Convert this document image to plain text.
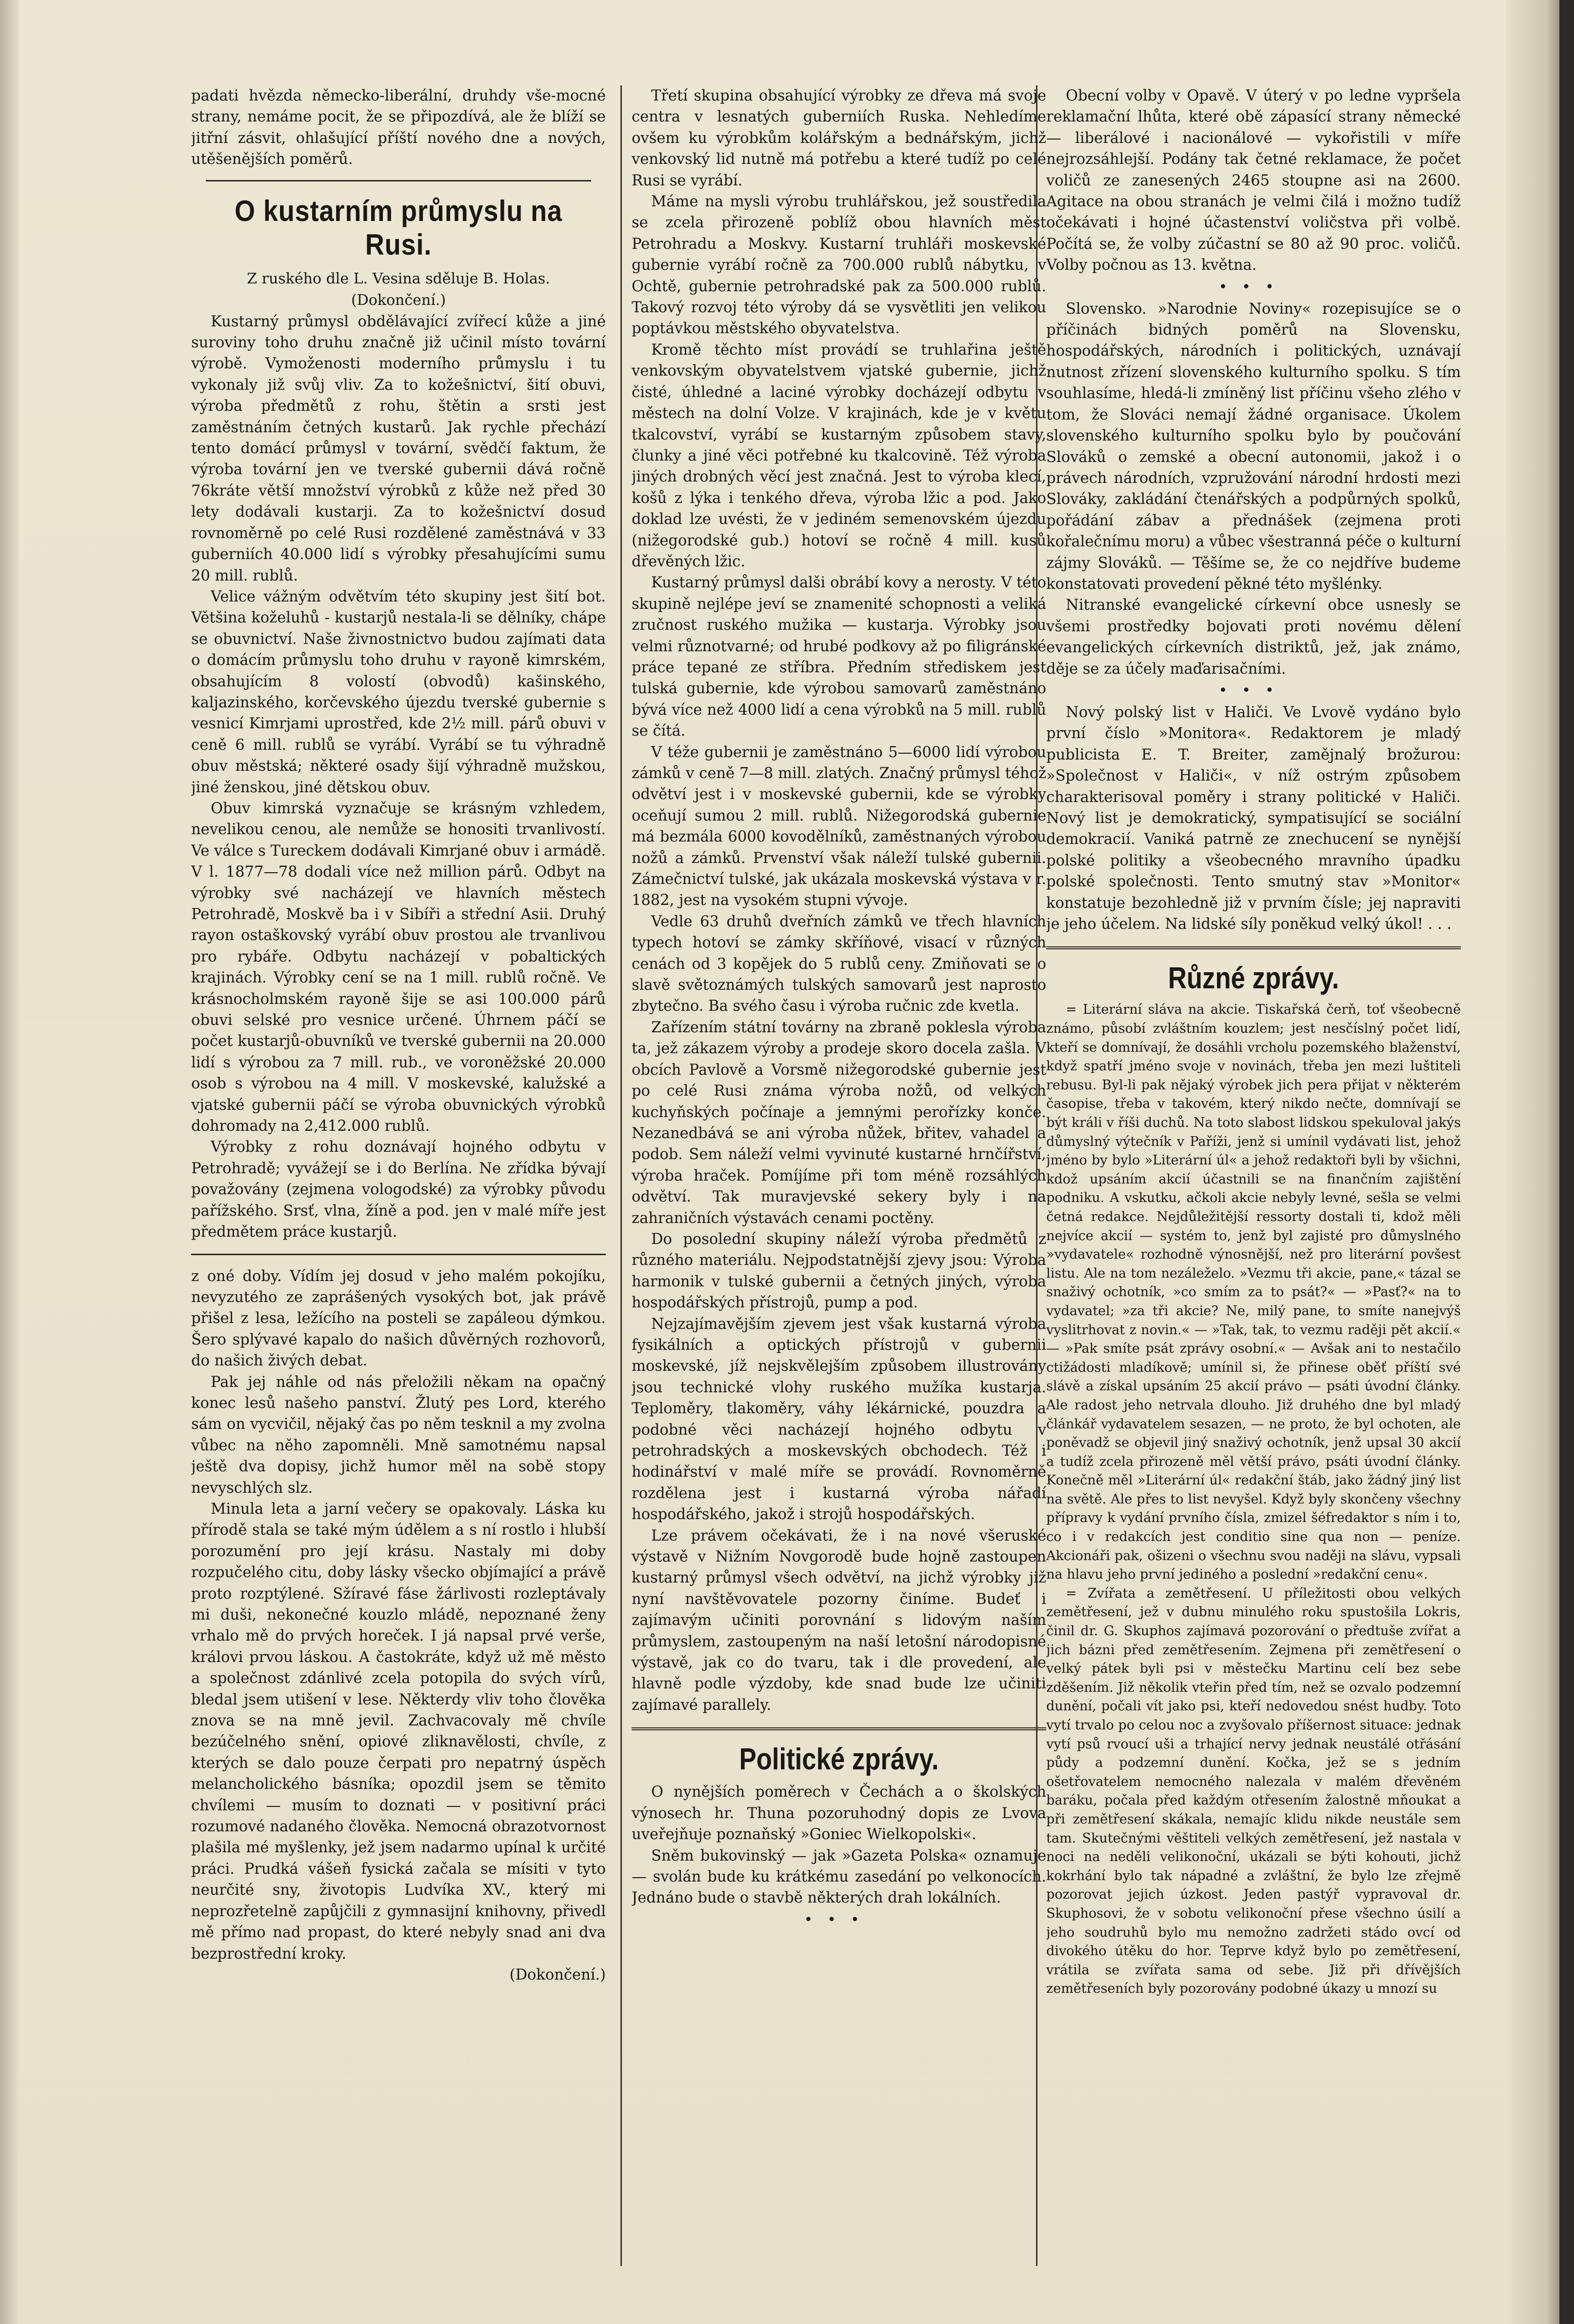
padati hvězda německo-liberální, druhdy vše-mocné strany, nemáme pocit, že se připozdívá, ale že blíží se jitřní zásvit, ohlašující příští nového dne a nových, utěšenějších poměrů.

O kustarním průmyslu na Rusi.

Z ruského dle L. Vesina sděluje B. Holas.

(Dokončení.)

Kustarný průmysl obdělávající zvířecí kůže a jiné suroviny toho druhu značně již učinil místo tovární výrobě. Vymoženosti moderního průmyslu i tu vykonaly již svůj vliv. Za to kožešnictví, šití obuvi, výroba předmětů z rohu, štětin a srsti jest zaměstnáním četných kustarů. Jak rychle přechází tento domácí průmysl v tovární, svědčí faktum, že výroba tovární jen ve tverské gubernii dává ročně 76kráte větší množství výrobků z kůže než před 30 lety dodávali kustarji. Za to kožešnictví dosud rovnoměrně po celé Rusi rozdělené zaměstnává v 33 guberniích 40.000 lidí s výrobky přesahujícími sumu 20 mill. rublů.

Velice vážným odvětvím této skupiny jest šití bot. Většina koželuhů - kustarjů nestala-li se dělníky, chápe se obuvnictví. Naše živnostnictvo budou zajímati data o domácím průmyslu toho druhu v rayoně kimrském, obsahujícím 8 volostí (obvodů) kašinského, kaljazinského, korčevského újezdu tverské gubernie s vesnicí Kimrjami uprostřed, kde 2½ mill. párů obuvi v ceně 6 mill. rublů se vyrábí. Vyrábí se tu výhradně obuv městská; některé osady šijí výhradně mužskou, jiné ženskou, jiné dětskou obuv.

Obuv kimrská vyznačuje se krásným vzhledem, nevelikou cenou, ale nemůže se honositi trvanlivostí. Ve válce s Tureckem dodávali Kimrjané obuv i armádě. V l. 1877—78 dodali více než million párů. Odbyt na výrobky své nacházejí ve hlavních městech Petrohradě, Moskvě ba i v Sibíři a střední Asii. Druhý rayon ostaškovský vyrábí obuv prostou ale trvanlivou pro rybáře. Odbytu nacházejí v pobaltických krajinách. Výrobky cení se na 1 mill. rublů ročně. Ve krásnocholmském rayoně šije se asi 100.000 párů obuvi selské pro vesnice určené. Úhrnem páčí se počet kustarjů-obuvníků ve tverské gubernii na 20.000 lidí s výrobou za 7 mill. rub., ve voroněžské 20.000 osob s výrobou na 4 mill. V moskevské, kalužské a vjatské gubernii páčí se výroba obuvnických výrobků dohromady na 2,412.000 rublů.

Výrobky z rohu doznávají hojného odbytu v Petrohradě; vyvážejí se i do Berlína. Ne zřídka bývají považovány (zejmena vologodské) za výrobky původu pařížského. Srsť, vlna, žíně a pod. jen v malé míře jest předmětem práce kustarjů.

z oné doby. Vídím jej dosud v jeho malém pokojíku, nevyzutého ze zaprášených vysokých bot, jak právě přišel z lesa, ležícího na posteli se zapáleou dýmkou. Šero splývavé kapalo do našich důvěrných rozhovorů, do našich živých debat.

Pak jej náhle od nás přeložili někam na opačný konec lesů našeho panství. Žlutý pes Lord, kterého sám on vycvičil, nějaký čas po něm tesknil a my zvolna vůbec na něho zapomněli. Mně samotnému napsal ještě dva dopisy, jichž humor měl na sobě stopy nevyschlých slz.

Minula leta a jarní večery se opakovaly. Láska ku přírodě stala se také mým údělem a s ní rostlo i hlubší porozumění pro její krásu. Nastaly mi doby rozpučelého citu, doby lásky všecko objímající a právě proto rozptýlené. Sžíravé fáse žárlivosti rozleptávaly mi duši, nekonečné kouzlo mládě, nepoznané ženy vrhalo mě do prvých horeček. I já napsal prvé verše, královi prvou láskou. A častokráte, když už mě město a společnost zdánlivé zcela potopila do svých vírů, bledal jsem utišení v lese. Některdy vliv toho člověka znova se na mně jevil. Zachvacovaly mě chvíle bezúčelného snění, opiové zliknavělosti, chvíle, z kterých se dalo pouze čerpati pro nepatrný úspěch melancholického básníka; opozdil jsem se těmito chvílemi — musím to doznati — v positivní práci rozumové nadaného člověka. Nemocná obrazotvornost plašila mé myšlenky, jež jsem nadarmo upínal k určité práci. Prudká vášeň fysická začala se mísiti v tyto neurčité sny, životopis Ludvíka XV., který mi neprozřetelně zapůjčili z gymnasijní knihovny, přivedl mě přímo nad propast, do které nebyly snad ani dva bezprostřední kroky.

(Dokončení.)

Třetí skupina obsahující výrobky ze dřeva má svoje centra v lesnatých guberniích Ruska. Nehledíme ovšem ku výrobkům kolářským a bednářským, jichž venkovský lid nutně má potřebu a které tudíž po celé Rusi se vyrábí.

Máme na mysli výrobu truhlářskou, jež soustředila se zcela přirozeně poblíž obou hlavních měst Petrohradu a Moskvy. Kustarní truhláři moskevské gubernie vyrábí ročně za 700.000 rublů nábytku, v Ochtě, gubernie petrohradské pak za 500.000 rublů. Takový rozvoj této výroby dá se vysvětliti jen velikou poptávkou městského obyvatelstva.

Kromě těchto míst provádí se truhlařina ještě venkovským obyvatelstvem vjatské gubernie, jichž čisté, úhledné a laciné výrobky docházejí odbytu v městech na dolní Volze. V krajinách, kde je v květu tkalcovství, vyrábí se kustarným způsobem stavy, člunky a jiné věci potřebné ku tkalcovině. Též výroba jiných drobných věcí jest značná. Jest to výroba klecí, košů z lýka i tenkého dřeva, výroba lžic a pod. Jako doklad lze uvésti, že v jediném semenovském újezdu (nižegorodské gub.) hotoví se ročně 4 mill. kusů dřevěných lžic.

Kustarný průmysl dalši obrábí kovy a nerosty. V této skupině nejlépe jeví se znamenité schopnosti a veliká zručnost ruského mužika — kustarja. Výrobky jsou velmi různotvarné; od hrubé podkovy až po filigránské práce tepané ze stříbra. Předním střediskem jest tulská gubernie, kde výrobou samovarů zaměstnáno bývá více než 4000 lidí a cena výrobků na 5 mill. rublů se čítá.

V téže gubernii je zaměstnáno 5—6000 lidí výrobou zámků v ceně 7—8 mill. zlatých. Značný průmysl téhož odvětví jest i v moskevské gubernii, kde se výrobky oceňují sumou 2 mill. rublů. Nižegorodská gubernie má bezmála 6000 kovodělníků, zaměstnaných výrobou nožů a zámků. Prvenství však náleží tulské gubernii. Zámečnictví tulské, jak ukázala moskevská výstava v r. 1882, jest na vysokém stupni vývoje.

Vedle 63 druhů dveřních zámků ve třech hlavních typech hotoví se zámky skříňové, visací v různých cenách od 3 kopějek do 5 rublů ceny. Zmiňovati se o slavě světoznámých tulských samovarů jest naprosto zbytečno. Ba svého času i výroba ručnic zde kvetla.

Zařízením státní továrny na zbraně poklesla výroba ta, jež zákazem výroby a prodeje skoro docela zašla. V obcích Pavlově a Vorsmě nižegorodské gubernie jest po celé Rusi známa výroba nožů, od velkých kuchyňských počínaje a jemnými perořízky konče. Nezanedbává se ani výroba nůžek, břitev, vahadel a podob. Sem náleží velmi vyvinuté kustarné hrnčířství, výroba hraček. Pomíjíme při tom méně rozsáhlých odvětví. Tak muravjevské sekery byly i na zahraničních výstavách cenami poctěny.

Do posolední skupiny náleží výroba předmětů z různého materiálu. Nejpodstatnější zjevy jsou: Výroba harmonik v tulské gubernii a četných jiných, výroba hospodářských přístrojů, pump a pod.

Nejzajímavějším zjevem jest však kustarná výroba fysikálních a optických přístrojů v gubernii moskevské, jíž nejskvělejším způsobem illustrovány jsou technické vlohy ruského mužíka kustarja. Teploměry, tlakoměry, váhy lékárnické, pouzdra a podobné věci nacházejí hojného odbytu v petrohradských a moskevských obchodech. Též i hodinářství v malé míře se provádí. Rovnoměrně rozdělena jest i kustarná výroba nářadí hospodářského, jakož i strojů hospodářských.

Lze právem očekávati, že i na nové všeruské výstavě v Nižním Novgorodě bude hojně zastoupen kustarný průmysl všech odvětví, na jichž výrobky již nyní navštěvovatele pozorny činíme. Budeť i zajímavým učiniti porovnání s lidovým naším průmyslem, zastoupeným na naší letošní národopisné výstavě, jak co do tvaru, tak i dle provedení, ale hlavně podle výzdoby, kde snad bude lze učiniti zajímavé parallely.

Politické zprávy.

O nynějších poměrech v Čechách a o školských výnosech hr. Thuna pozoruhodný dopis ze Lvova uveřejňuje poznaňský »Goniec Wielkopolski«.

Sněm bukovinský — jak »Gazeta Polska« oznamuje — svolán bude ku krátkému zasedání po velkonocích. Jednáno bude o stavbě některých drah lokálních.

•••

Obecní volby v Opavě. V úterý v po ledne vypršela reklamační lhůta, které obě zápasící strany německé — liberálové i nacionálové — vykořistili v míře nejrozsáhlejší. Podány tak četné reklamace, že počet voličů ze zanesených 2465 stoupne asi na 2600. Agitace na obou stranách je velmi čilá i možno tudíž očekávati i hojné účastenství voličstva při volbě. Počítá se, že volby zúčastní se 80 až 90 proc. voličů. Volby počnou as 13. května.

•••

Slovensko. »Narodnie Noviny« rozepisujíce se o příčinách bidných poměrů na Slovensku, hospodářských, národních i politických, uznávají nutnost zřízení slovenského kulturního spolku. S tím souhlasíme, hledá-li zmíněný list příčinu všeho zlého v tom, že Slováci nemají žádné organisace. Úkolem slovenského kulturního spolku bylo by poučování Slováků o zemské a obecní autonomii, jakož i o právech národních, vzpružování národní hrdosti mezi Slováky, zakládání čtenářských a podpůrných spolků, pořádání zábav a přednášek (zejmena proti kořalečnímu moru) a vůbec všestranná péče o kulturní zájmy Slováků. — Těšíme se, že co nejdříve budeme konstatovati provedení pěkné této myšlénky.

Nitranské evangelické církevní obce usnesly se všemi prostředky bojovati proti novému dělení evangelických církevních distriktů, jež, jak známo, děje se za účely maďarisačními.

•••

Nový polský list v Haliči. Ve Lvově vydáno bylo první číslo »Monitora«. Redaktorem je mladý publicista E. T. Breiter, zamějnalý brožurou: »Společnost v Haliči«, v níž ostrým způsobem charakterisoval poměry i strany politické v Haliči. Nový list je demokratický, sympatisující se sociální demokracií. Vaniká patrně ze znechucení se nynější polské politiky a všeobecného mravního úpadku polské společnosti. Tento smutný stav »Monitor« konstatuje bezohledně již v prvním čísle; jej napraviti je jeho účelem. Na lidské síly poněkud velký úkol! . . .

Různé zprávy.

= Literární sláva na akcie. Tiskařská čerň, toť všeobecně známo, působí zvláštním kouzlem; jest nesčíslný počet lidí, kteří se domnívají, že dosáhli vrcholu pozemského blaženství, když spatří jméno svoje v novinách, třeba jen mezi luštiteli rebusu. Byl-li pak nějaký výrobek jich pera přijat v některém časopise, třeba v takovém, který nikdo nečte, domnívají se být králi v říši duchů. Na toto slabost lidskou spekuloval jakýs důmyslný výtečník v Paříži, jenž si umínil vydávati list, jehož jméno by bylo »Literární úl« a jehož redaktoři byli by všichni, kdož upsáním akcií účastnili se na finančním zajištění podniku. A vskutku, ačkoli akcie nebyly levné, sešla se velmi četná redakce. Nejdůležitější ressorty dostali ti, kdož měli nejvíce akcií — systém to, jenž byl zajisté pro důmyslného »vydavatele« rozhodně výnosnější, než pro literární povšest listu. Ale na tom nezáleželo. »Vezmu tři akcie, pane,« tázal se snaživý ochotník, »co smím za to psát?« — »Pasť?« na to vydavatel; »za tři akcie? Ne, milý pane, to smíte nanejvýš vyslitrhovat z novin.« — »Tak, tak, to vezmu raději pět akcií.« — »Pak smíte psát zprávy osobní.« — Avšak ani to nestačilo ctižádosti mladíkově; umínil si, že přinese oběť příští své slávě a získal upsáním 25 akcií právo — psáti úvodní články. Ale radost jeho netrvala dlouho. Již druhého dne byl mladý článkář vydavatelem sesazen, — ne proto, že byl ochoten, ale poněvadž se objevil jiný snaživý ochotník, jenž upsal 30 akcií a tudíž zcela přirozeně měl větší právo, psáti úvodní články. Konečně měl »Literární úl« redakční štáb, jako žádný jiný list na světě. Ale přes to list nevyšel. Když byly skončeny všechny přípravy k vydání prvního čísla, zmizel šéfredaktor s ním i to, co i v redakcích jest conditio sine qua non — peníze. Akcionáři pak, ošizeni o všechnu svou naději na slávu, vypsali na hlavu jeho první jediného a poslední »redakční cenu«.

= Zvířata a zemětřesení. U příležitosti obou velkých zemětřesení, jež v dubnu minulého roku spustošila Lokris, činil dr. G. Skuphos zajímavá pozorování o předtuše zvířat a jich bázni před zemětřesením. Zejmena při zemětřesení o velký pátek byli psi v městečku Martinu celí bez sebe zděšením. Již několik vteřin před tím, než se ozvalo podzemní dunění, počali vít jako psi, kteří nedovedou snést hudby. Toto vytí trvalo po celou noc a zvyšovalo příšernost situace: jednak vytí psů rvoucí uši a trhající nervy jednak neustálé otřásání půdy a podzemní dunění. Kočka, jež se s jedním ošetřovatelem nemocného nalezala v malém dřevěném baráku, počala před každým otřesením žalostně mňoukat a při zemětřesení skákala, nemajíc klidu nikde neustále sem tam. Skutečnými věštiteli velkých zemětřesení, jež nastala v noci na neděli velikonoční, ukázali se býti kohouti, jichž kokrhání bylo tak nápadné a zvláštní, že bylo lze zřejmě pozorovat jejich úzkost. Jeden pastýř vypravoval dr. Skuphosovi, že v sobotu velikonoční přese všechno úsilí a jeho soudruhů bylo mu nemožno zadržeti stádo ovcí od divokého útěku do hor. Teprve když bylo po zemětřesení, vrátila se zvířata sama od sebe. Již při dřívějších zemětřeseních byly pozorovány podobné úkazy u mnozí su
